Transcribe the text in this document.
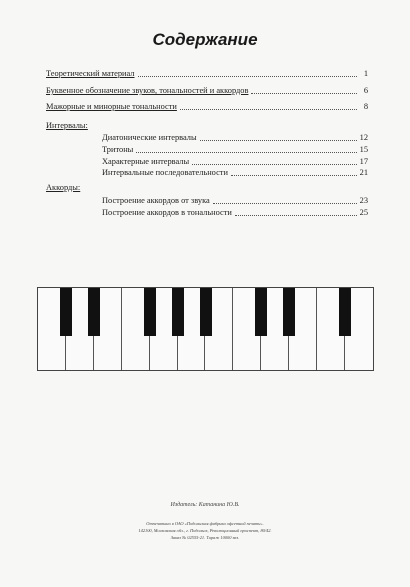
Содержание
Теоретический материал	1
Буквенное обозначение звуков, тональностей и аккордов	6
Мажорные и минорные тональности	8
Интервалы:
Диатонические интервалы	12
Тритоны	15
Характерные интервалы	17
Интервальные последовательности	21
Аккорды:
Построение аккордов от звука	23
Построение аккордов в тональности	25
Издатель: Катанина Ю.В.
Отпечатано в ОАО «Подольская фабрика офсетной печати».
142100, Московская обл., г. Подольск, Революционный проспект, 80/42.
Заказ № 02555-21. Тираж 10000 экз.
